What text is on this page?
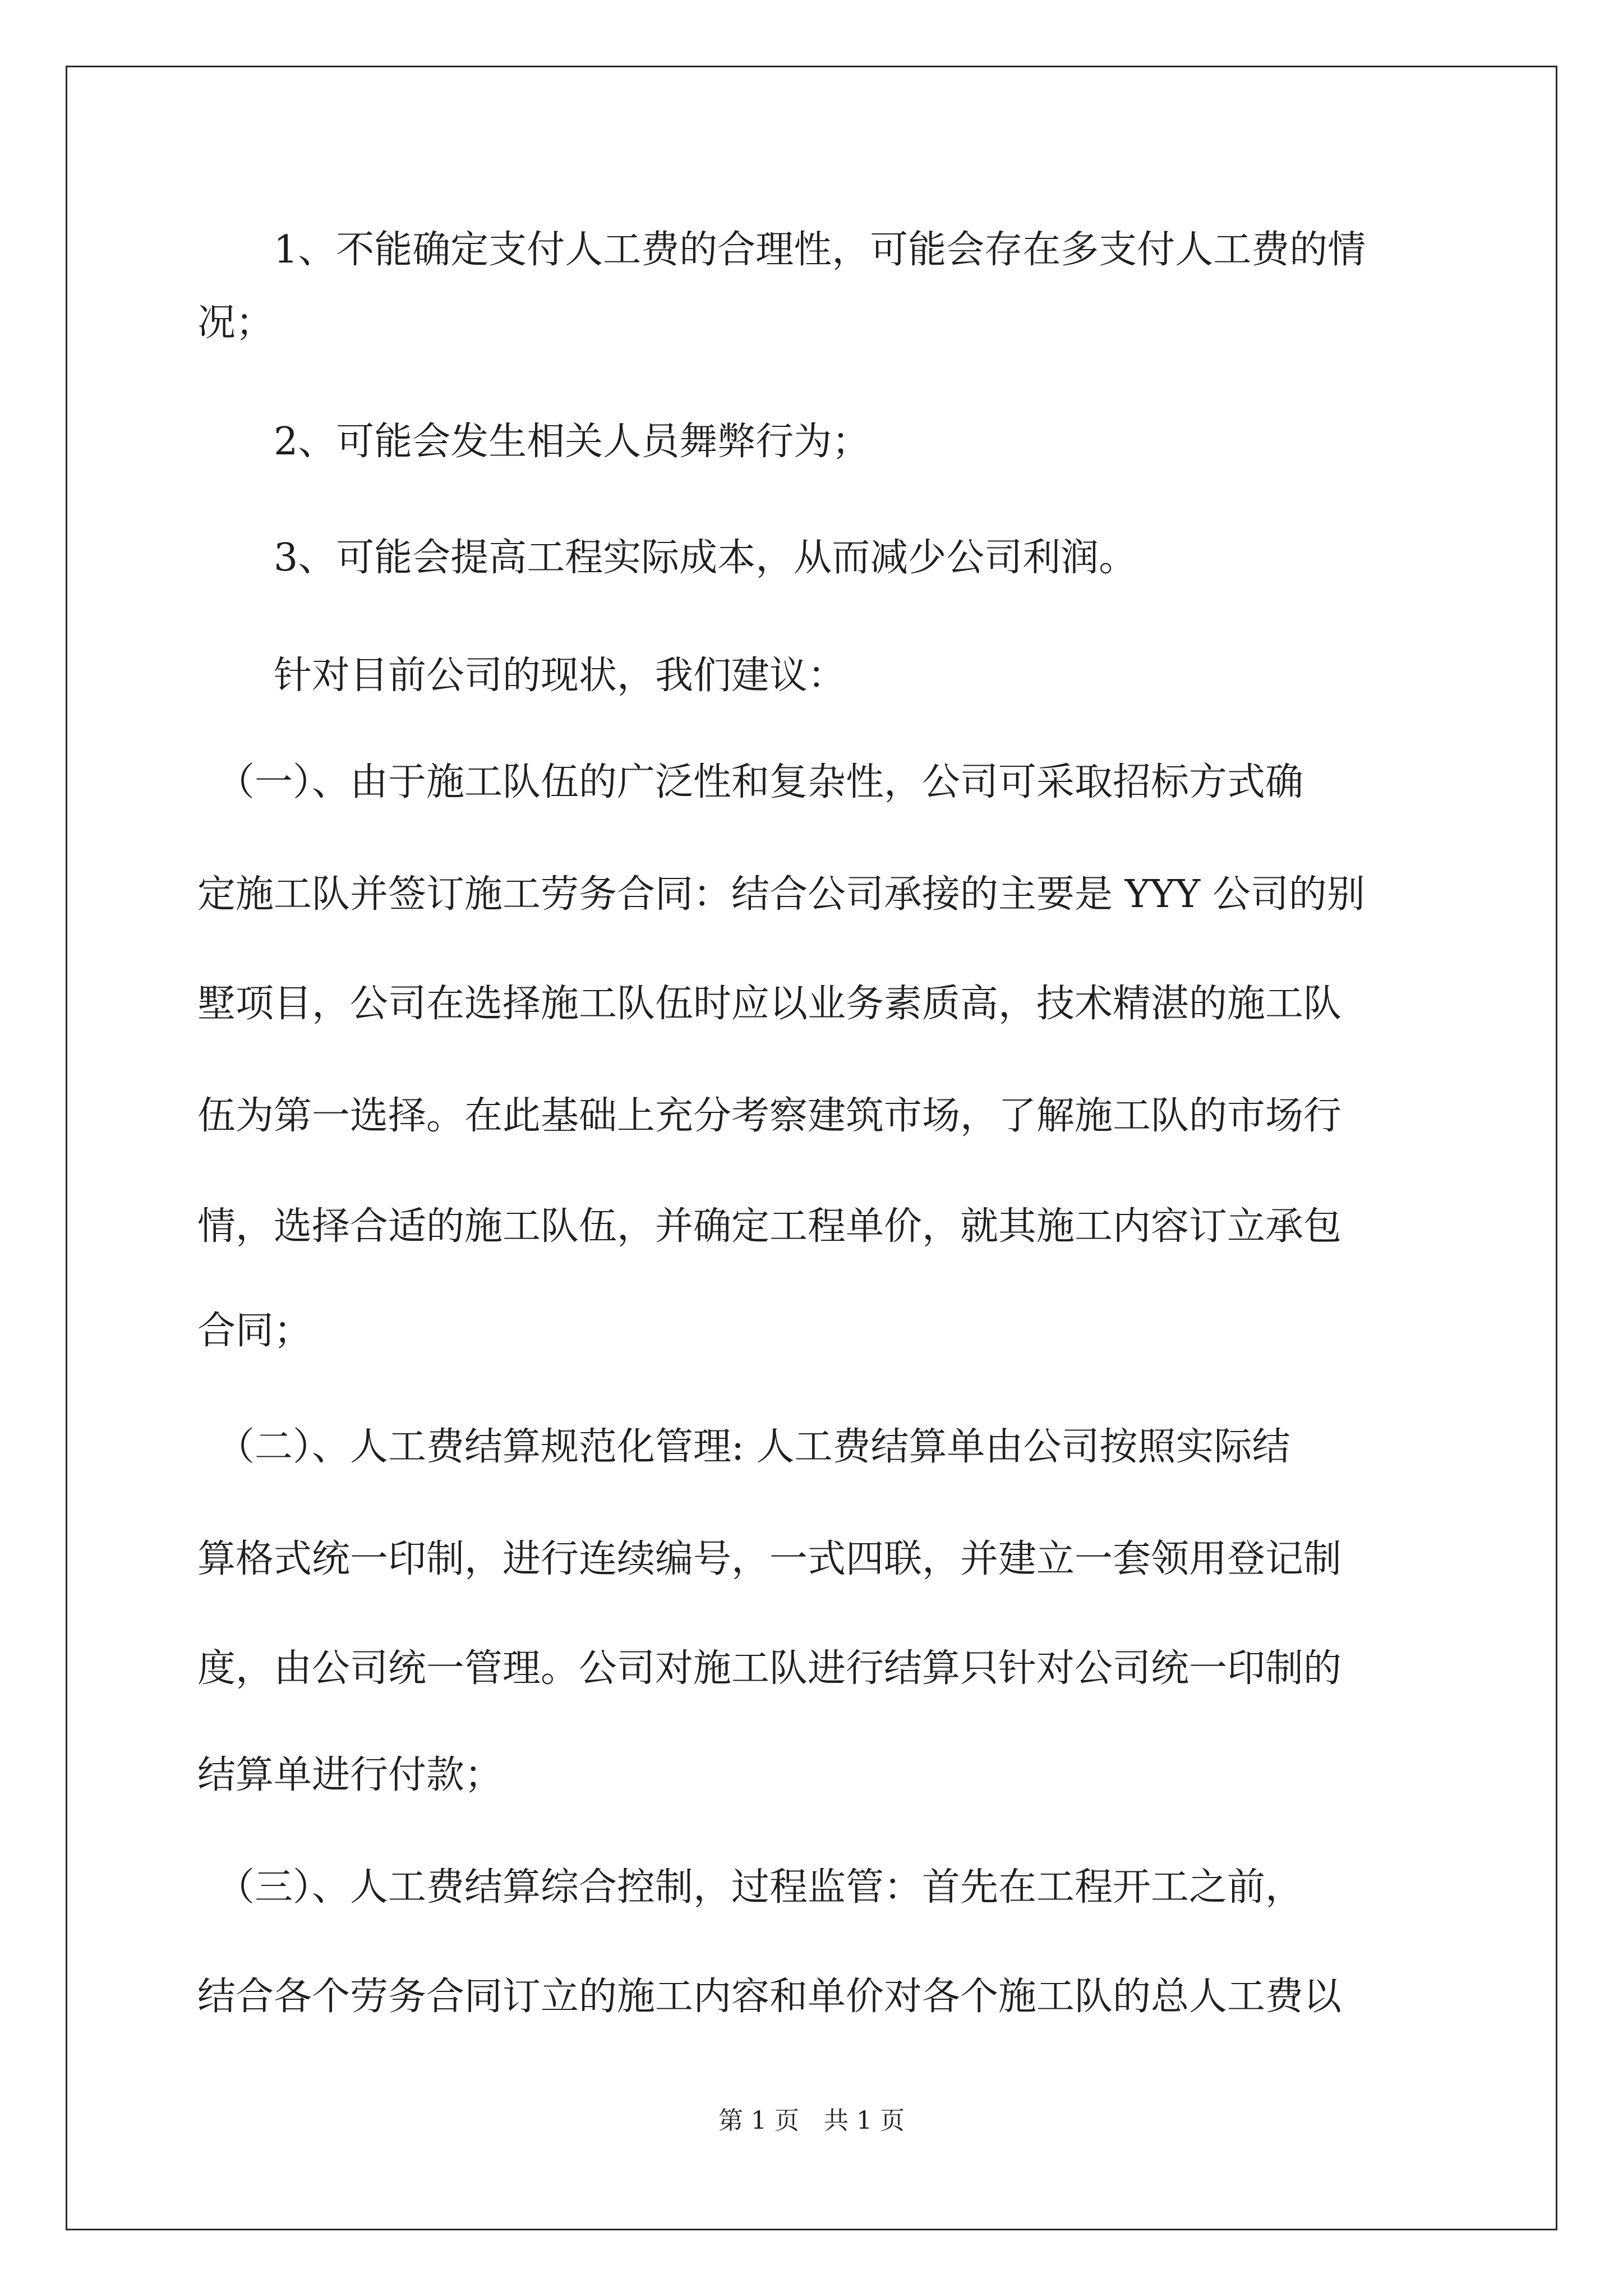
　　1、不能确定支付人工费的合理性，可能会存在多支付人工费的情
况；
　　2、可能会发生相关人员舞弊行为；
　　3、可能会提高工程实际成本，从而减少公司利润。
　　针对目前公司的现状，我们建议：
　（一）、由于施工队伍的广泛性和复杂性，公司可采取招标方式确
定施工队并签订施工劳务合同：结合公司承接的主要是 YYY 公司的别
墅项目，公司在选择施工队伍时应以业务素质高，技术精湛的施工队
伍为第一选择。在此基础上充分考察建筑市场，了解施工队的市场行
情，选择合适的施工队伍，并确定工程单价，就其施工内容订立承包
合同；
　（二）、人工费结算规范化管理: 人工费结算单由公司按照实际结
算格式统一印制，进行连续编号，一式四联，并建立一套领用登记制
度，由公司统一管理。公司对施工队进行结算只针对公司统一印制的
结算单进行付款；
　（三）、人工费结算综合控制，过程监管：首先在工程开工之前，
结合各个劳务合同订立的施工内容和单价对各个施工队的总人工费以
第 1 页　共 1 页
